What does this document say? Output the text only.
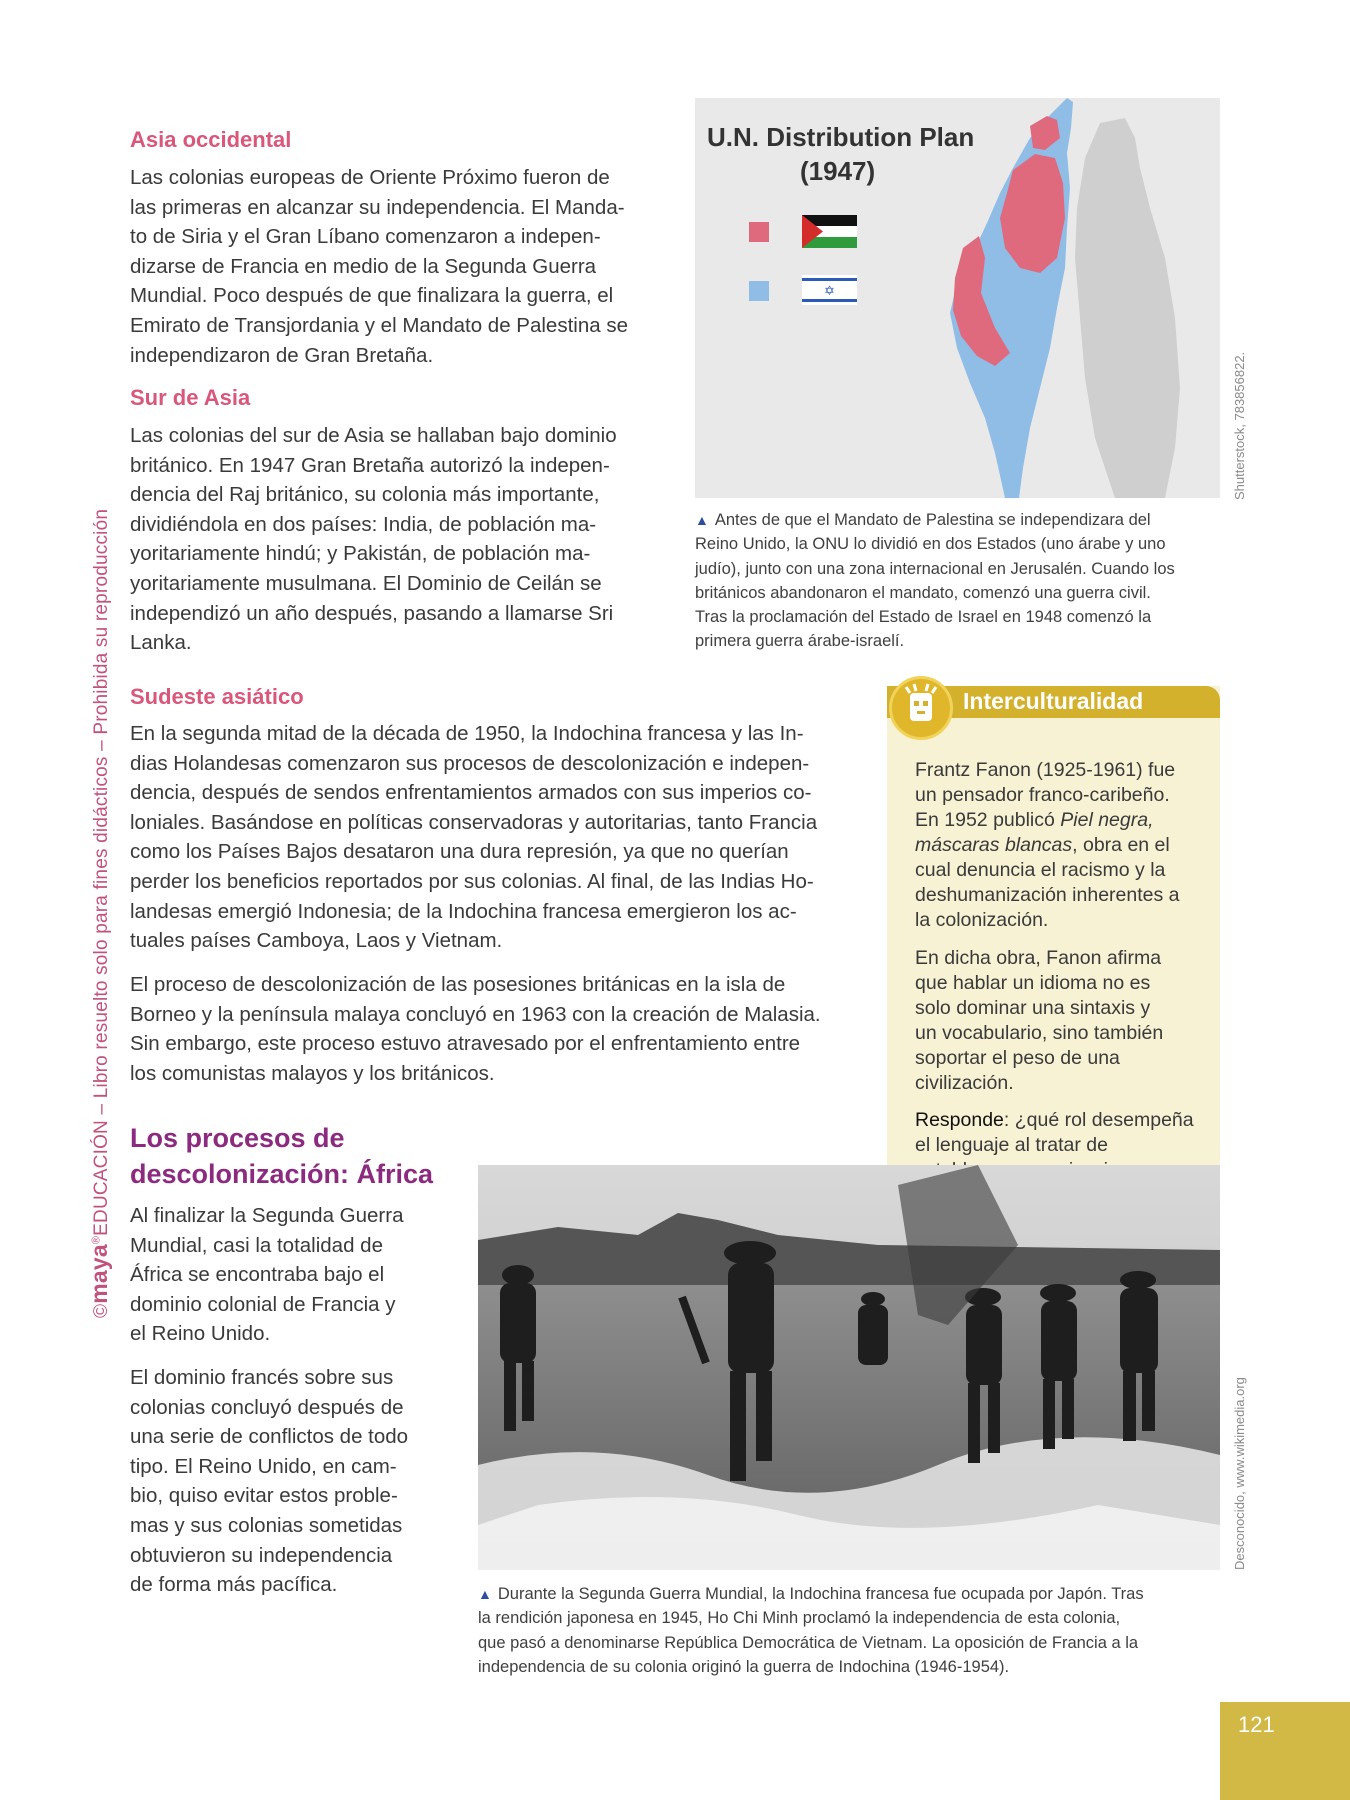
©maya®EDUCACIÓN – Libro resuelto solo para fines didácticos – Prohibida su reproducción
Asia occidental

Las colonias europeas de Oriente Próximo fueron de
las primeras en alcanzar su independencia. El Manda-
to de Siria y el Gran Líbano comenzaron a indepen-
dizarse de Francia en medio de la Segunda Guerra
Mundial. Poco después de que finalizara la guerra, el
Emirato de Transjordania y el Mandato de Palestina se
independizaron de Gran Bretaña.

Sur de Asia

Las colonias del sur de Asia se hallaban bajo dominio
británico. En 1947 Gran Bretaña autorizó la indepen-
dencia del Raj británico, su colonia más importante,
dividiéndola en dos países: India, de población ma-
yoritariamente hindú; y Pakistán, de población ma-
yoritariamente musulmana. El Dominio de Ceilán se
independizó un año después, pasando a llamarse Sri
Lanka.

U.N. Distribution Plan
(1947)
✡
Shutterstock, 783856822.

▲ Antes de que el Mandato de Palestina se independizara del
Reino Unido, la ONU lo dividió en dos Estados (uno árabe y uno
judío), junto con una zona internacional en Jerusalén. Cuando los
británicos abandonaron el mandato, comenzó una guerra civil.
Tras la proclamación del Estado de Israel en 1948 comenzó la
primera guerra árabe-israelí.

Sudeste asiático

En la segunda mitad de la década de 1950, la Indochina francesa y las In-
dias Holandesas comenzaron sus procesos de descolonización e indepen-
dencia, después de sendos enfrentamientos armados con sus imperios co-
loniales. Basándose en políticas conservadoras y autoritarias, tanto Francia
como los Países Bajos desataron una dura represión, ya que no querían
perder los beneficios reportados por sus colonias. Al final, de las Indias Ho-
landesas emergió Indonesia; de la Indochina francesa emergieron los ac-
tuales países Camboya, Laos y Vietnam.

El proceso de descolonización de las posesiones británicas en la isla de
Borneo y la península malaya concluyó en 1963 con la creación de Malasia.
Sin embargo, este proceso estuvo atravesado por el enfrentamiento entre
los comunistas malayos y los británicos.

Interculturalidad

Frantz Fanon (1925-1961) fue
un pensador franco-caribeño.
En 1952 publicó Piel negra,
máscaras blancas, obra en el
cual denuncia el racismo y la
deshumanización inherentes a
la colonización.

En dicha obra, Fanon afirma
que hablar un idioma no es
solo dominar una sintaxis y
un vocabulario, sino también
soportar el peso de una
civilización.

Responde: ¿qué rol desempeña
el lenguaje al tratar de

Los procesos de
descolonización: África

Al finalizar la Segunda Guerra
Mundial, casi la totalidad de
África se encontraba bajo el
dominio colonial de Francia y
el Reino Unido.

El dominio francés sobre sus
colonias concluyó después de
una serie de conflictos de todo
tipo. El Reino Unido, en cam-
bio, quiso evitar estos proble-
mas y sus colonias sometidas
obtuvieron su independencia
de forma más pacífica.

Desconocido, www.wikimedia.org

▲ Durante la Segunda Guerra Mundial, la Indochina francesa fue ocupada por Japón. Tras
la rendición japonesa en 1945, Ho Chi Minh proclamó la independencia de esta colonia,
que pasó a denominarse República Democrática de Vietnam. La oposición de Francia a la
independencia de su colonia originó la guerra de Indochina (1946-1954).

121
